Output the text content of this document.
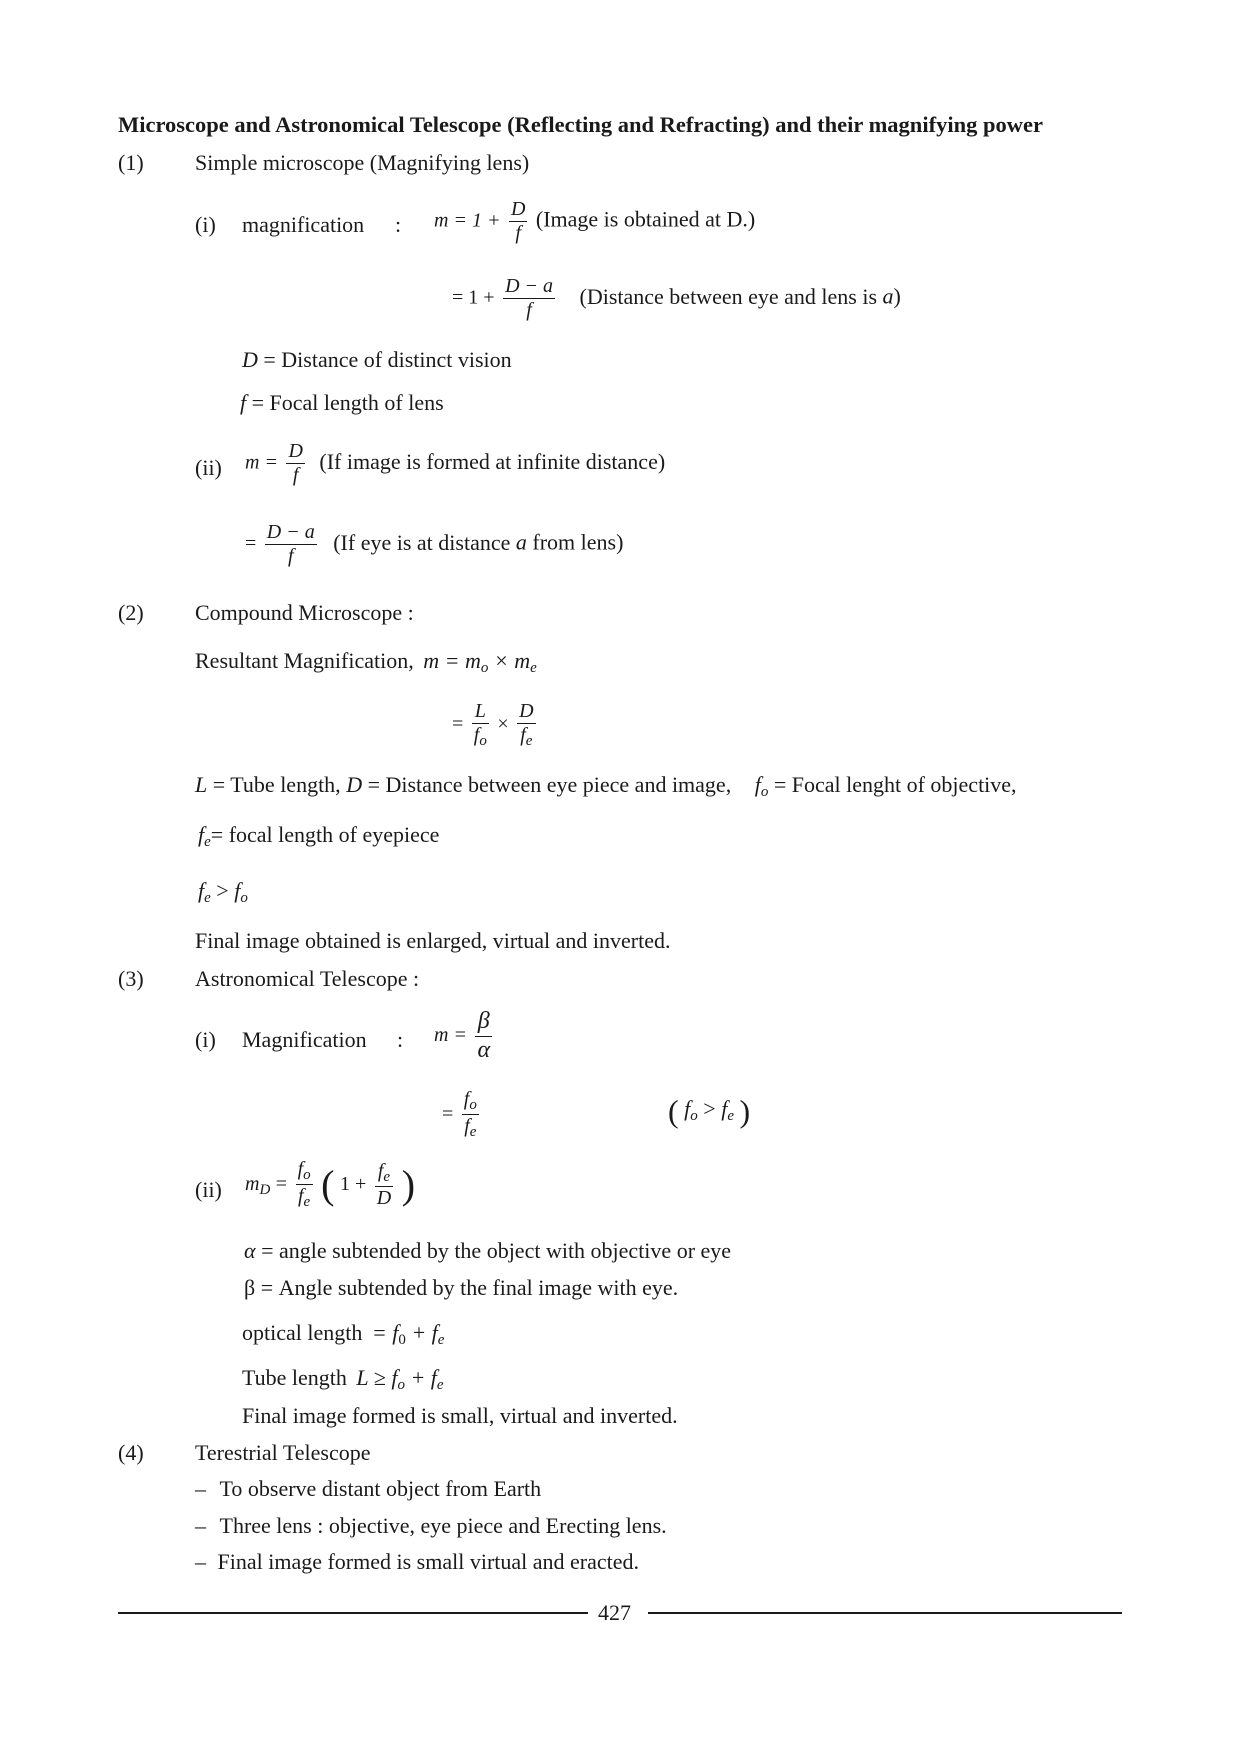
Microscope and Astronomical Telescope (Reflecting and Refracting) and their magnifying power
(1) Simple microscope (Magnifying lens)
(i) magnification : $m = 1 + \frac{D}{f}$ (Image is obtained at D.)
= $1 + \frac{D - a}{f}$ (Distance between eye and lens is a)
D = Distance of distinct vision
f = Focal length of lens
(ii) $m = \frac{D}{f} (If$ image is formed at infinite distance)
= $\frac{D - a}{f} (If$ eye is at distance a from lens)
(2) Compound Microscope :
Resultant Magnification, $m = m_o \times m_e$
= $\frac{L}{f_o} \times \frac{D}{f_e}$
L = Tube length, D = Distance between eye piece and image, $f_o$ = Focal lenght of objective,
$f_e=$ focal length of eyepiece
$f_e > f_o$
Final image obtained is enlarged, virtual and inverted.
(3) Astronomical Telescope :
(i) Magnification : $m = \frac{\beta}{\alpha}$
= $\frac{f_o}{f_e}$	( $f_o > f_e$ )
(ii) $m_D = \frac{f_o}{f_e}$ ( $1 + \frac{f_e}{D}$ )
α = angle subtended by the object with objective or eye
β = Angle subtended by the final image with eye.
optical length = $f_0 + f_e$
Tube length $L \ge f_o + f_e$
Final image formed is small, virtual and inverted.
(4) Terestrial Telescope
– To observe distant object from Earth
– Three lens : objective, eye piece and Erecting lens.
– Final image formed is small virtual and eracted.
427
